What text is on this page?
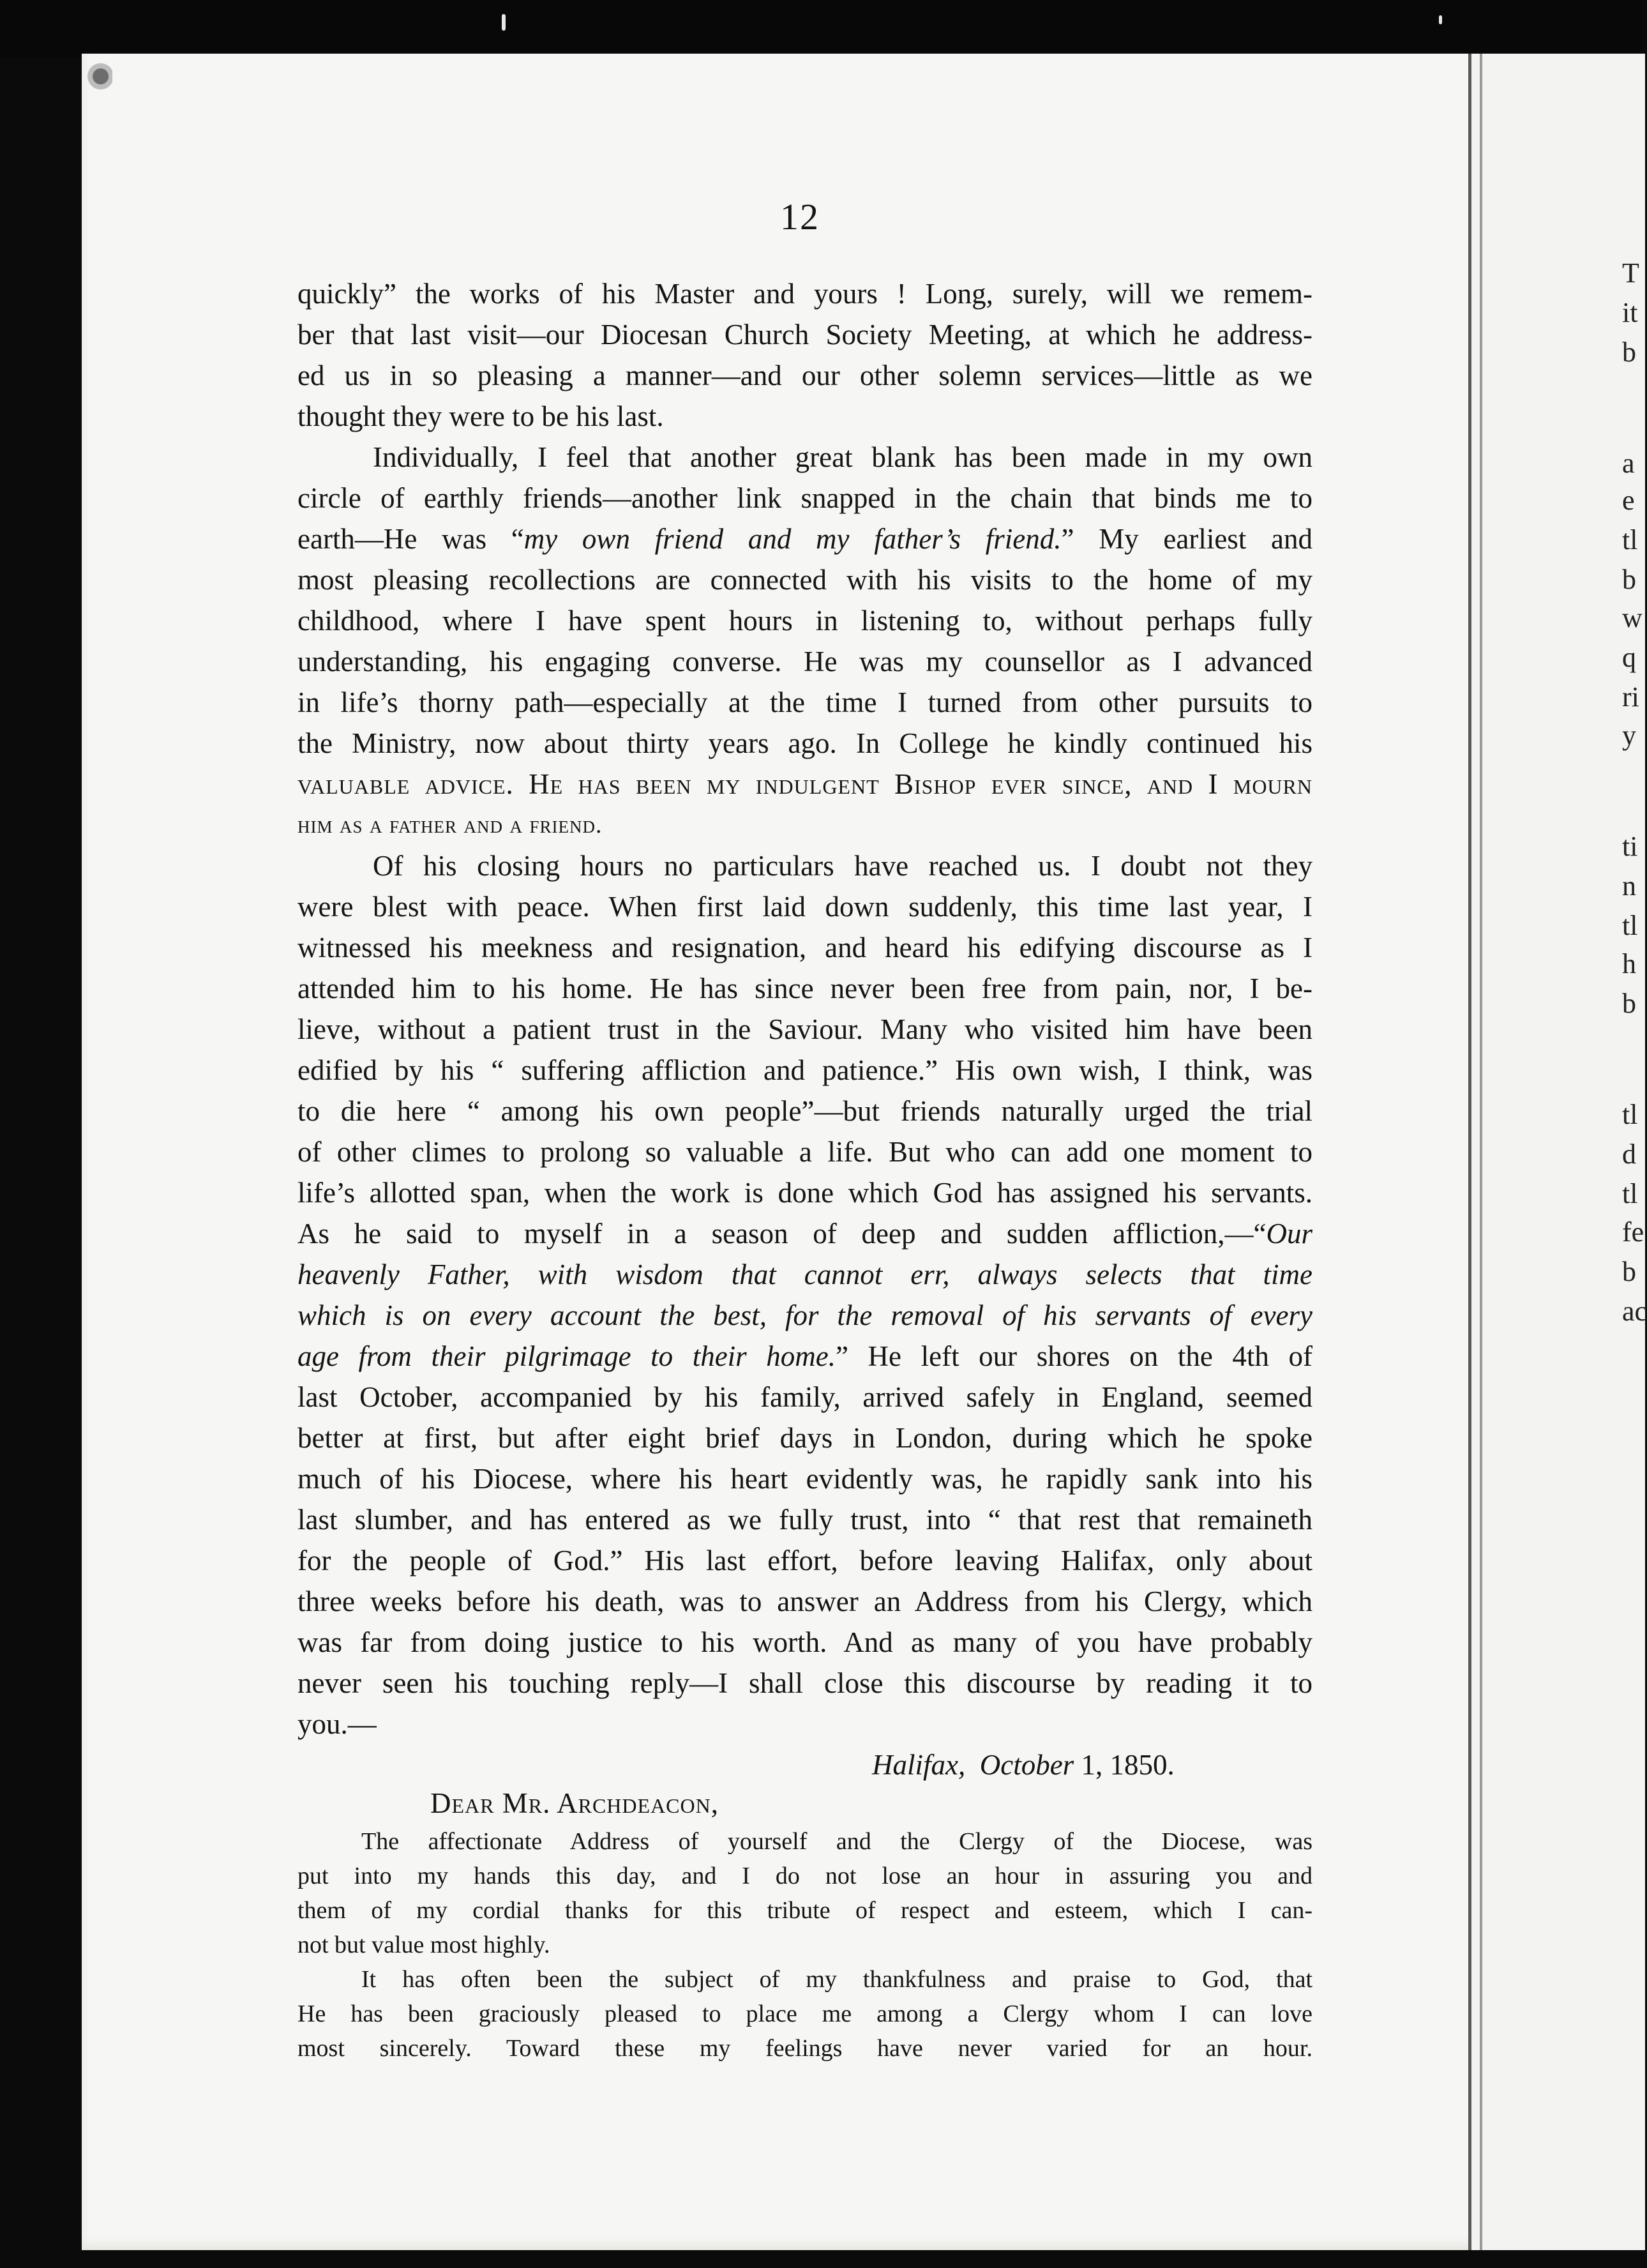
T
it
b
a
e
tl
b
w
q
ri
y
ti
n
tl
h
b
tl
d
tl
fe
b
ac
12
quickly” the works of his Master and yours ! Long, surely, will we remem-
ber that last visit—our Diocesan Church Society Meeting, at which he address-
ed us in so pleasing a manner—and our other solemn services—little as we
thought they were to be his last.
Individually, I feel that another great blank has been made in my own
circle of earthly friends—another link snapped in the chain that binds me to
earth—He was “my own friend and my father’s friend.” My earliest and
most pleasing recollections are connected with his visits to the home of my
childhood, where I have spent hours in listening to, without perhaps fully
understanding, his engaging converse. He was my counsellor as I advanced
in life’s thorny path—especially at the time I turned from other pursuits to
the Ministry, now about thirty years ago. In College he kindly continued his
valuable advice. He has been my indulgent Bishop ever since, and I mourn
him as a father and a friend.
Of his closing hours no particulars have reached us. I doubt not they
were blest with peace. When first laid down suddenly, this time last year, I
witnessed his meekness and resignation, and heard his edifying discourse as I
attended him to his home. He has since never been free from pain, nor, I be-
lieve, without a patient trust in the Saviour. Many who visited him have been
edified by his “ suffering affliction and patience.” His own wish, I think, was
to die here “ among his own people”—but friends naturally urged the trial
of other climes to prolong so valuable a life. But who can add one moment to
life’s allotted span, when the work is done which God has assigned his servants.
As he said to myself in a season of deep and sudden affliction,—“Our
heavenly Father, with wisdom that cannot err, always selects that time
which is on every account the best, for the removal of his servants of every
age from their pilgrimage to their home.” He left our shores on the 4th of
last October, accompanied by his family, arrived safely in England, seemed
better at first, but after eight brief days in London, during which he spoke
much of his Diocese, where his heart evidently was, he rapidly sank into his
last slumber, and has entered as we fully trust, into “ that rest that remaineth
for the people of God.” His last effort, before leaving Halifax, only about
three weeks before his death, was to answer an Address from his Clergy, which
was far from doing justice to his worth. And as many of you have probably
never seen his touching reply—I shall close this discourse by reading it to
you.—
Halifax, October 1, 1850.
Dear Mr. Archdeacon,
The affectionate Address of yourself and the Clergy of the Diocese, was
put into my hands this day, and I do not lose an hour in assuring you and
them of my cordial thanks for this tribute of respect and esteem, which I can-
not but value most highly.
It has often been the subject of my thankfulness and praise to God, that
He has been graciously pleased to place me among a Clergy whom I can love
most sincerely. Toward these my feelings have never varied for an hour.
